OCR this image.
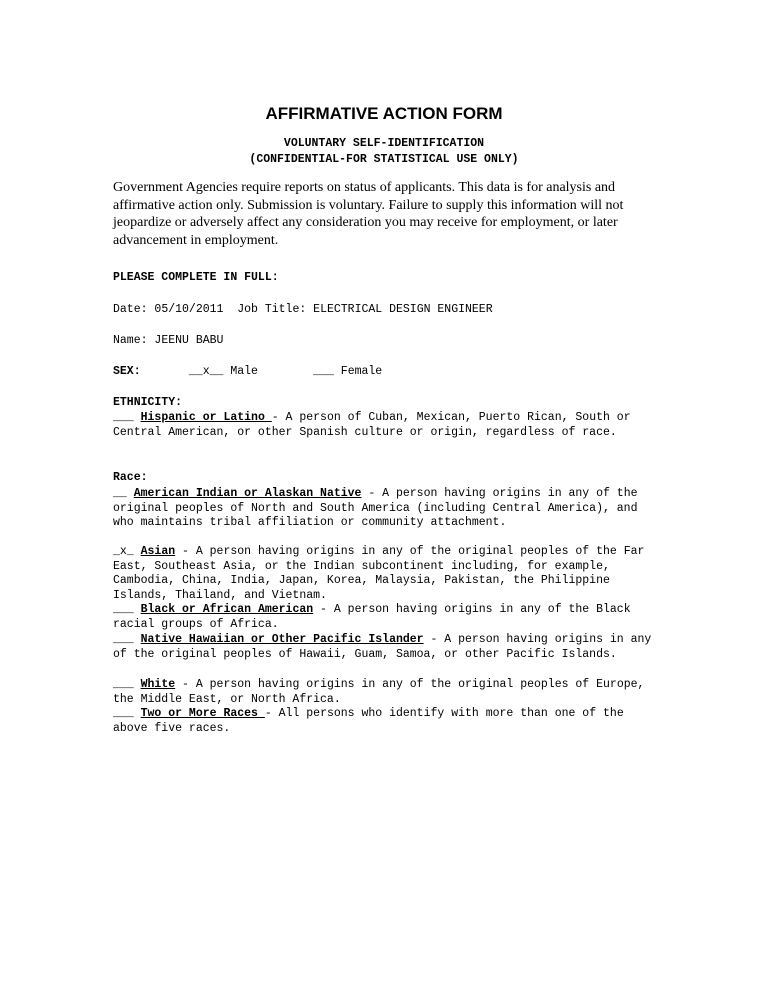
AFFIRMATIVE ACTION FORM
VOLUNTARY SELF-IDENTIFICATION
(CONFIDENTIAL-FOR STATISTICAL USE ONLY)
Government Agencies require reports on status of applicants. This data is for analysis and affirmative action only. Submission is voluntary. Failure to supply this information will not jeopardize or adversely affect any consideration you may receive for employment, or later advancement in employment.
PLEASE COMPLETE IN FULL:
Date: 05/10/2011 Job Title: ELECTRICAL DESIGN ENGINEER
Name: JEENU BABU
SEX:	__x__ Male	___ Female
ETHNICITY:
___ Hispanic or Latino - A person of Cuban, Mexican, Puerto Rican, South or Central American, or other Spanish culture or origin, regardless of race.
Race:
__ American Indian or Alaskan Native - A person having origins in any of the original peoples of North and South America (including Central America), and who maintains tribal affiliation or community attachment.
_x_ Asian - A person having origins in any of the original peoples of the Far East, Southeast Asia, or the Indian subcontinent including, for example, Cambodia, China, India, Japan, Korea, Malaysia, Pakistan, the Philippine Islands, Thailand, and Vietnam.
___ Black or African American - A person having origins in any of the Black racial groups of Africa.
___ Native Hawaiian or Other Pacific Islander - A person having origins in any of the original peoples of Hawaii, Guam, Samoa, or other Pacific Islands.
___ White - A person having origins in any of the original peoples of Europe, the Middle East, or North Africa.
___ Two or More Races - All persons who identify with more than one of the above five races.
